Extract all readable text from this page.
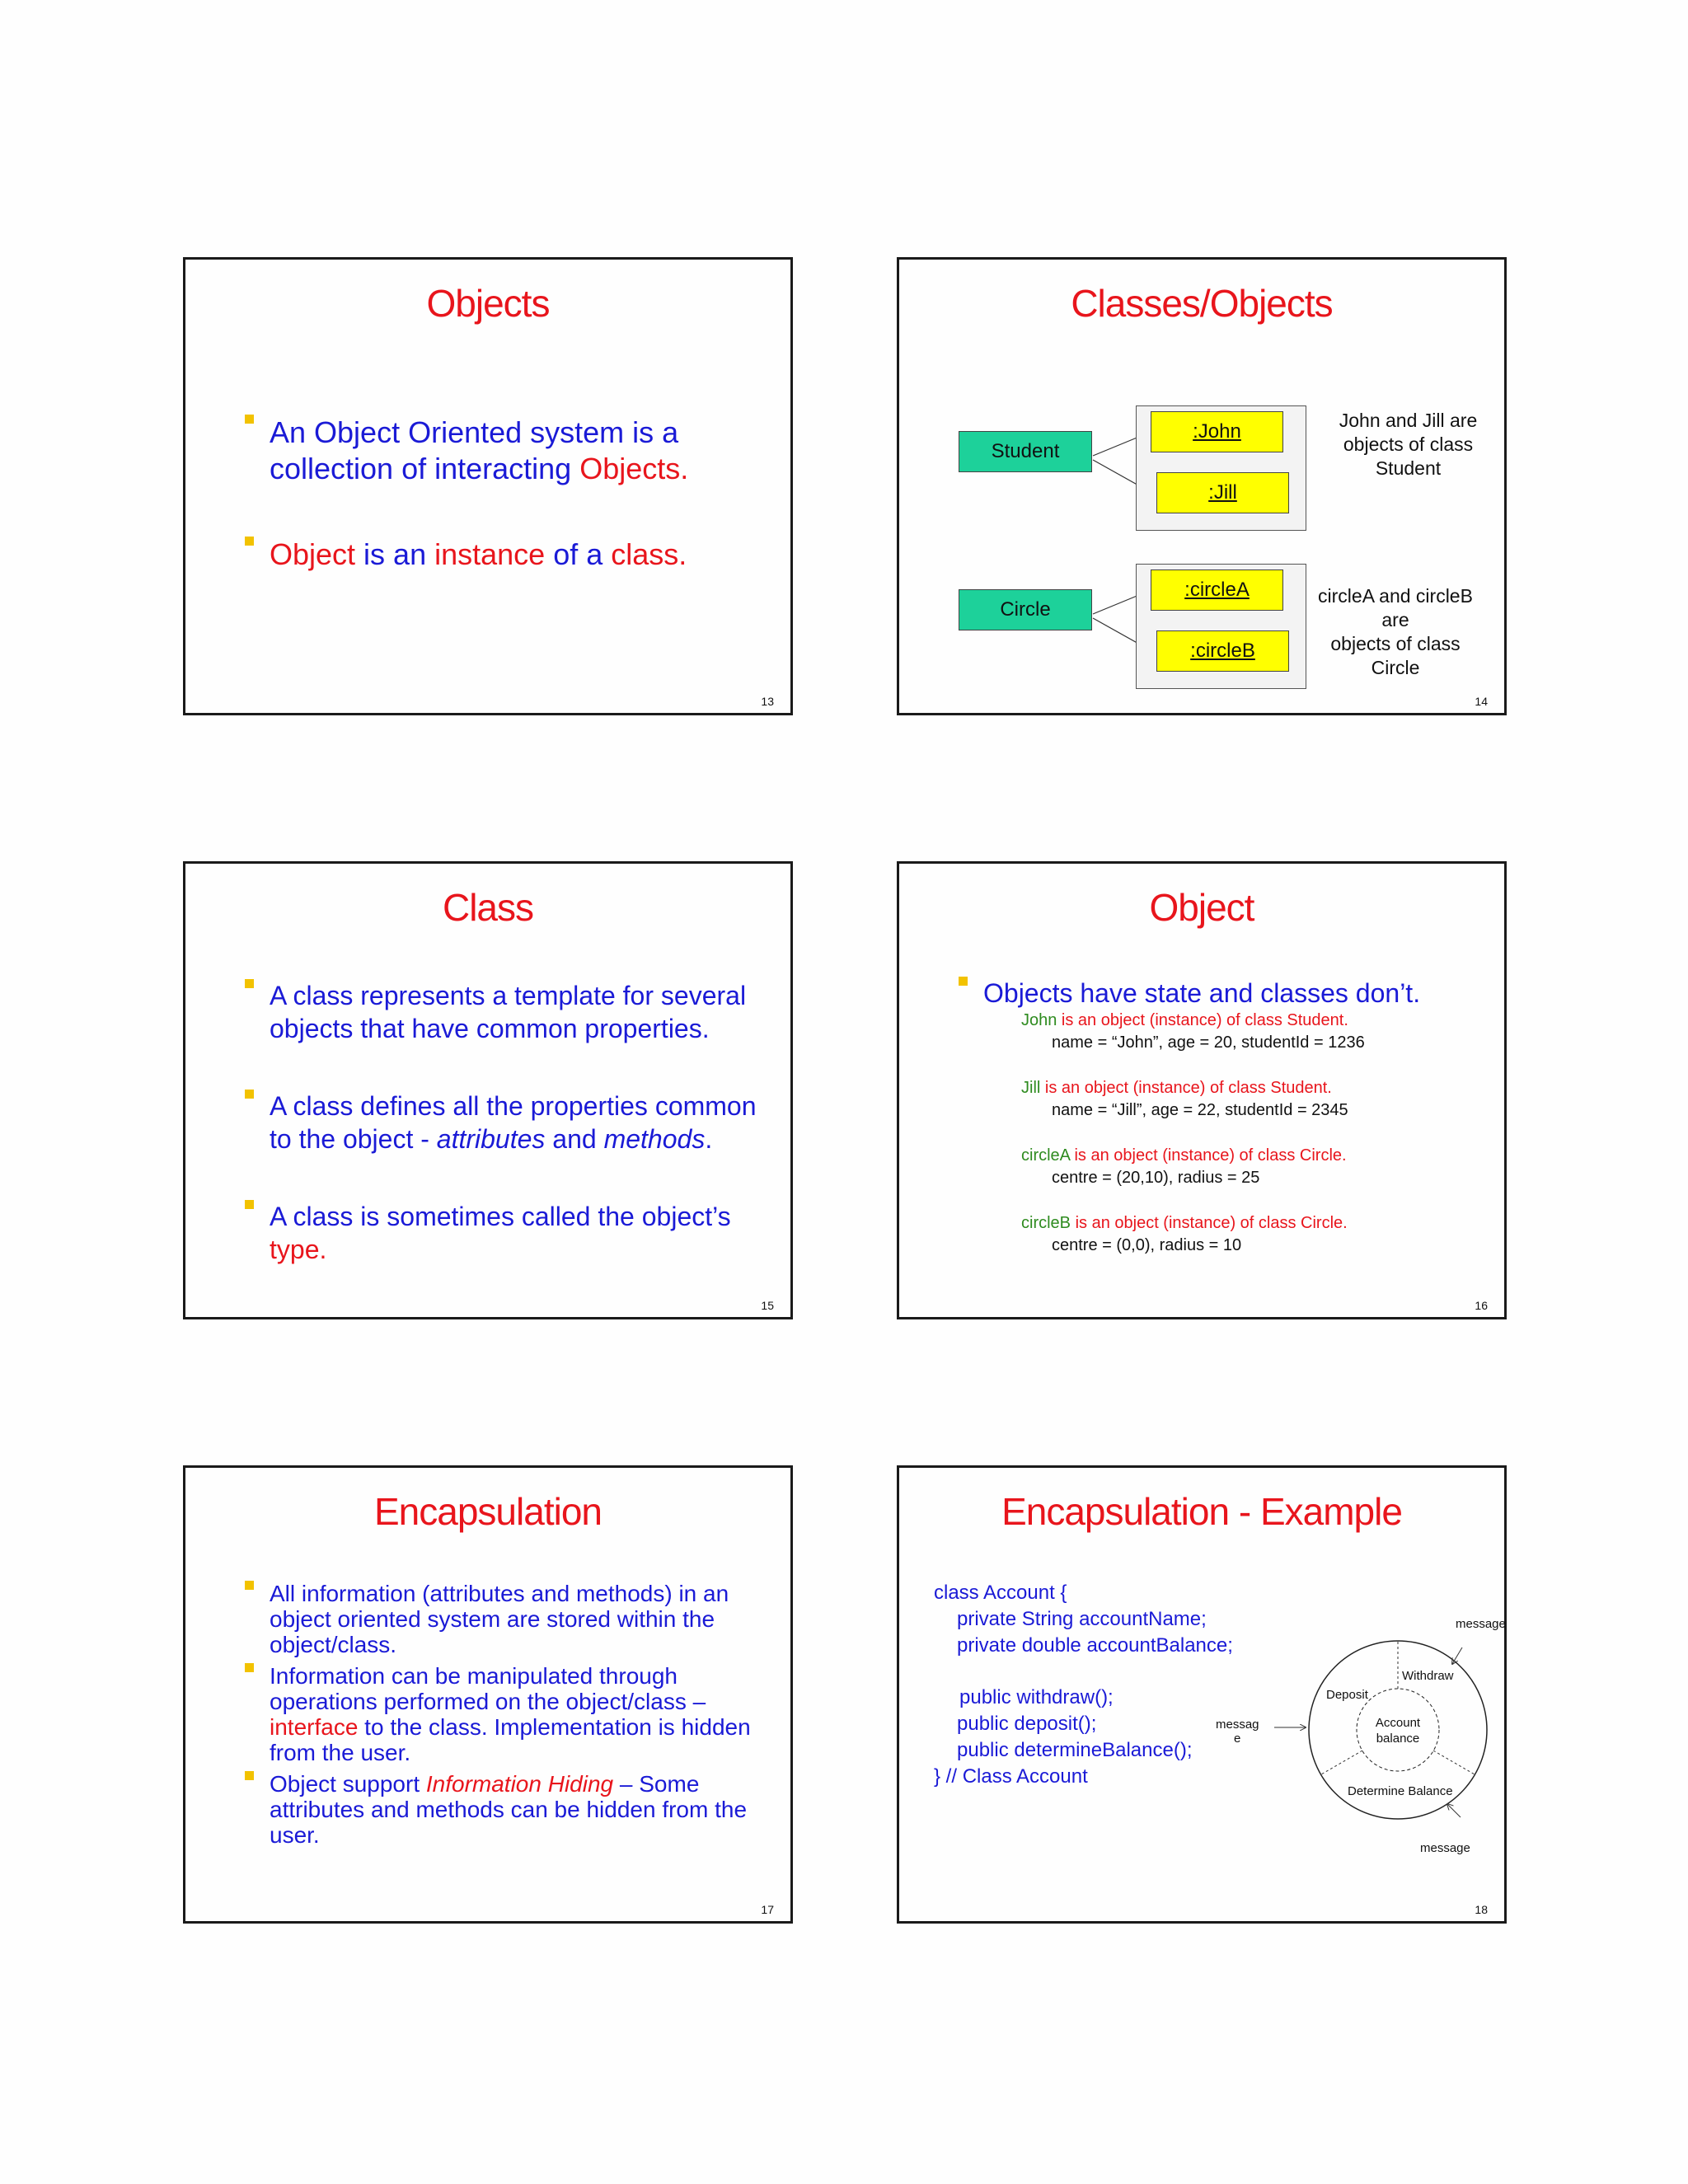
Objects
An Object Oriented system is a collection of interacting Objects.
Object is an instance of a class.
13
Classes/Objects
Student
:John
:Jill
John and Jill are
objects of class
Student
Circle
:circleA
:circleB
circleA and circleB
are
objects of class
Circle
14
Class
A class represents a template for several objects that have common properties.
A class defines all the properties common to the object - attributes and methods.
A class is sometimes called the object’s type.
15
Object
Objects have state and classes don’t.
John is an object (instance) of class Student.
name = “John”, age = 20, studentId = 1236
Jill is an object (instance) of class Student.
name = “Jill”, age = 22, studentId = 2345
circleA is an object (instance) of class Circle.
centre = (20,10), radius = 25
circleB is an object (instance) of class Circle.
centre = (0,0), radius = 10
16
Encapsulation
All information (attributes and methods) in an object oriented system are stored within the object/class.
Information can be manipulated through operations performed on the object/class – interface to the class. Implementation is hidden from the user.
Object support Information Hiding – Some attributes and methods can be hidden from the user.
17
Encapsulation - Example
class Account {
private String accountName;
private double accountBalance;
public withdraw();
public deposit();
public determineBalance();
} // Class Account
message
Withdraw
Deposit
Account
balance
messag
e
Determine Balance
message
18
